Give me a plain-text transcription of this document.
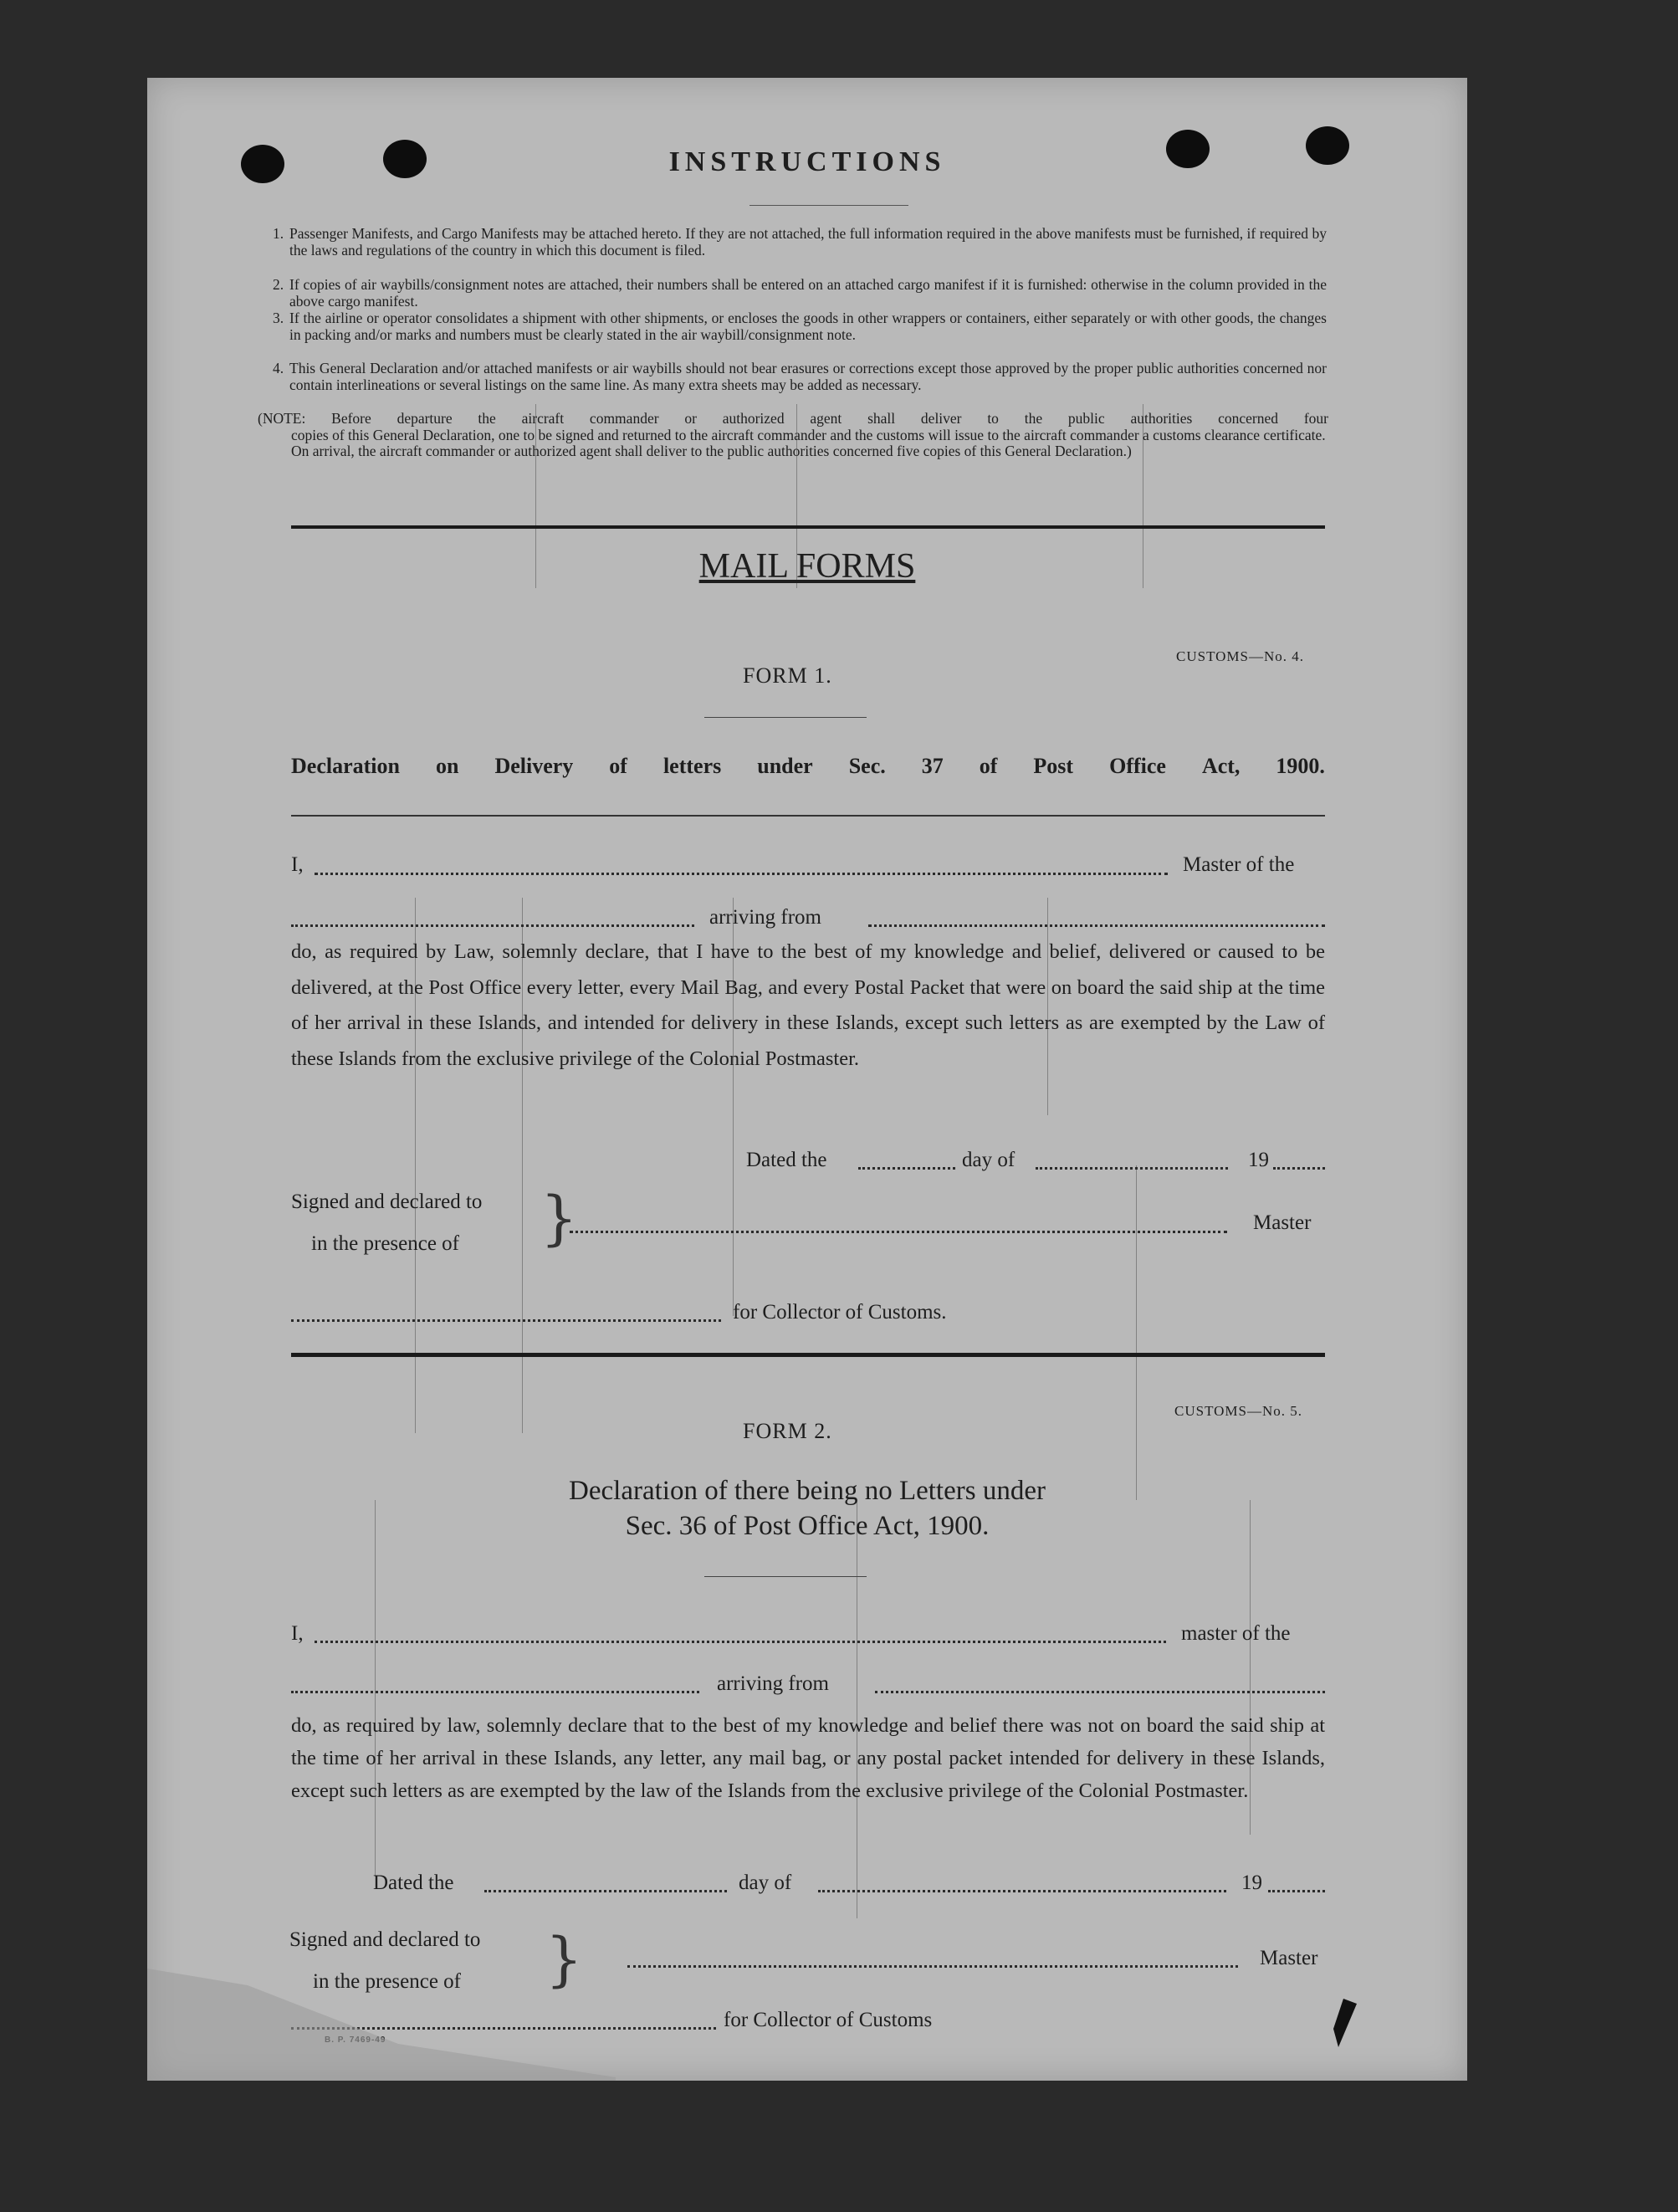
INSTRUCTIONS
1. Passenger Manifests, and Cargo Manifests may be attached hereto. If they are not attached, the full information required in the above manifests must be furnished, if required by the laws and regulations of the country in which this document is filed.
2. If copies of air waybills/consignment notes are attached, their numbers shall be entered on an attached cargo manifest if it is furnished: otherwise in the column provided in the above cargo manifest.
3. If the airline or operator consolidates a shipment with other shipments, or encloses the goods in other wrappers or containers, either separately or with other goods, the changes in packing and/or marks and numbers must be clearly stated in the air waybill/consignment note.
4. This General Declaration and/or attached manifests or air waybills should not bear erasures or corrections except those approved by the proper public authorities concerned nor contain interlineations or several listings on the same line. As many extra sheets may be added as necessary.
(NOTE: Before departure the aircraft commander or authorized agent shall deliver to the public authorities concerned four
copies of this General Declaration, one to be signed and returned to the aircraft commander and the customs will issue to the aircraft commander a customs clearance certificate.
On arrival, the aircraft commander or authorized agent shall deliver to the public authorities concerned five copies of this General Declaration.)
MAIL FORMS
CUSTOMS—No. 4.
FORM 1.
Declaration on Delivery of letters under Sec. 37 of Post Office Act, 1900.
I,	Master of the
arriving from
do, as required by Law, solemnly declare, that I have to the best of my knowledge and belief, delivered or caused to be delivered, at the Post Office every letter, every Mail Bag, and every Postal Packet that were on board the said ship at the time of her arrival in these Islands, and intended for delivery in these Islands, except such letters as are exempted by the Law of these Islands from the exclusive privilege of the Colonial Postmaster.
Dated the	day of	19
Signed and declared to
in the presence of }	Master
for Collector of Customs.
CUSTOMS—No. 5.
FORM 2.
Declaration of there being no Letters under
Sec. 36 of Post Office Act, 1900.
I,	master of the
arriving from
do, as required by law, solemnly declare that to the best of my knowledge and belief there was not on board the said ship at the time of her arrival in these Islands, any letter, any mail bag, or any postal packet intended for delivery in these Islands, except such letters as are exempted by the law of the Islands from the exclusive privilege of the Colonial Postmaster.
Dated the	day of	19
Signed and declared to
in the presence of }	Master
for Collector of Customs
